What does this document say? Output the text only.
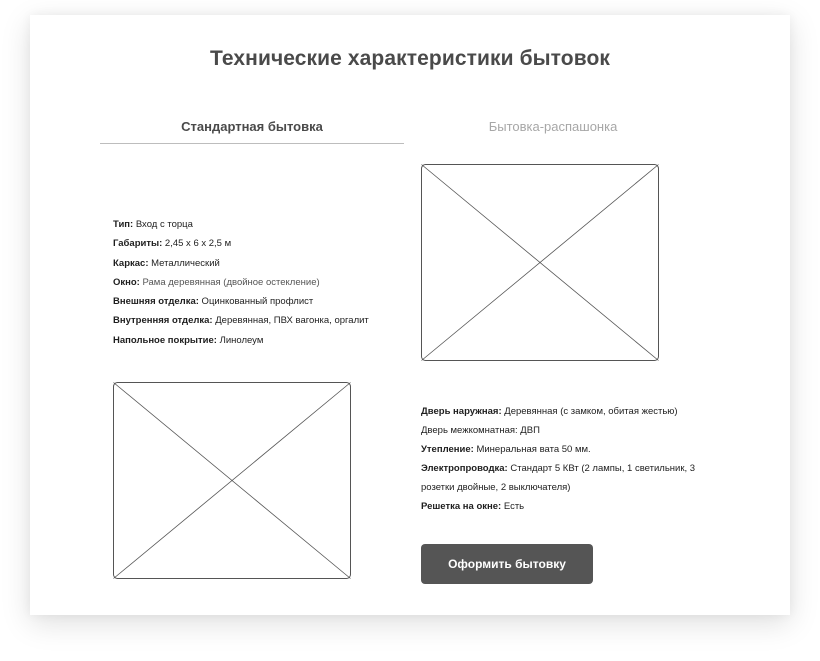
Технические характеристики бытовок
Стандартная бытовка	Бытовка-распашонка
Тип: Вход с торца
Габариты: 2,45 х 6 х 2,5 м
Каркас: Металлический
Окно: Рама деревянная (двойное остекление)
Внешняя отделка: Оцинкованный профлист
Внутренняя отделка: Деревянная, ПВХ вагонка, оргалит
Напольное покрытие: Линолеум
Дверь наружная: Деревянная (с замком, обитая жестью)
Дверь межкомнатная: ДВП
Утепление: Минеральная вата 50 мм.
Электропроводка: Стандарт 5 КВт (2 лампы, 1 светильник, 3 розетки двойные, 2 выключателя)
Решетка на окне: Есть
Оформить бытовку
